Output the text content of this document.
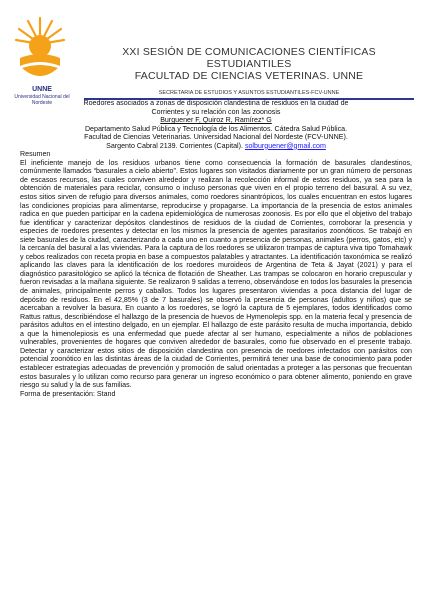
UNNE
Universidad Nacional del Nordeste
XXI SESIÓN DE COMUNICACIONES CIENTÍFICAS
ESTUDIANTILES
FACULTAD DE CIENCIAS VETERINAS. UNNE
SECRETARIA DE ESTUDIOS Y ASUNTOS ESTUDIANTILES-FCV-UNNE
Roedores asociados a zonas de disposición clandestina de residuos en la ciudad de
Corrientes y su relación con las zoonosis
Burguener F, Quiroz R, Ramírez* G
Departamento Salud Pública y Tecnología de los Alimentos. Cátedra Salud Pública.
Facultad de Ciencias Veterinarias. Universidad Nacional del Nordeste (FCV-UNNE).
Sargento Cabral 2139. Corrientes (Capital). solburguener@gmail.com
Resumen
El ineficiente manejo de los residuos urbanos tiene como consecuencia la formación de basurales clandestinos, comúnmente llamados “basurales a cielo abierto”. Estos lugares son visitados diariamente por un gran número de personas de escasos recursos, las cuales conviven alrededor y realizan la recolección informal de estos residuos, ya sea para la obtención de materiales para reciclar, consumo o incluso personas que viven en el propio terreno del basural. A su vez, estos sitios sirven de refugio para diversos animales, como roedores sinantrópicos, los cuales encuentran en estos lugares las condiciones propicias para alimentarse, reproducirse y propagarse. La importancia de la presencia de estos animales radica en que pueden participar en la cadena epidemiológica de numerosas zoonosis. Es por ello que el objetivo del trabajo fue identificar y caracterizar depósitos clandestinos de residuos de la ciudad de Corrientes, corroborar la presencia y especies de roedores presentes y detectar en los mismos la presencia de agentes parasitarios zoonóticos. Se trabajó en siete basurales de la ciudad, caracterizando a cada uno en cuanto a presencia de personas, animales (perros, gatos, etc) y la cercanía del basural a las viviendas. Para la captura de los roedores se utilizaron trampas de captura viva tipo Tomahawk y cebos realizados con receta propia en base a compuestos palatables y atractantes. La identificación taxonómica se realizó aplicando las claves para la identificación de los roedores muroideos de Argentina de Teta & Jayat (2021) y para el diagnóstico parasitológico se aplicó la técnica de flotación de Sheather. Las trampas se colocaron en horario crepuscular y fueron revisadas a la mañana siguiente. Se realizaron 9 salidas a terreno, observándose en todos los basurales la presencia de animales, principalmente perros y caballos. Todos los lugares presentaron viviendas a poca distancia del lugar de depósito de residuos. En el 42,85% (3 de 7 basurales) se observó la presencia de personas (adultos y niños) que se acercaban a revolver la basura. En cuanto a los roedores, se logró la captura de 5 ejemplares, todos identificados como Rattus rattus, describiéndose el hallazgo de la presencia de huevos de Hymenolepis spp. en la materia fecal y presencia de parásitos adultos en el intestino delgado, en un ejemplar. El hallazgo de este parásito resulta de mucha importancia, debido a que la himenolepiosis es una enfermedad que puede afectar al ser humano, especialmente a niños de poblaciones vulnerables, provenientes de hogares que conviven alrededor de basurales, como fue observado en el presente trabajo. Detectar y caracterizar estos sitios de disposición clandestina con presencia de roedores infectados con parásitos con potencial zoonótico en las distintas áreas de la ciudad de Corrientes, permitirá tener una base de conocimiento para poder establecer estrategias adecuadas de prevención y promoción de salud orientadas a proteger a las personas que frecuentan estos basurales y lo utilizan como recurso para generar un ingreso económico o para obtener alimento, poniendo en grave riesgo su salud y la de sus familias.
Forma de presentación: Stand
